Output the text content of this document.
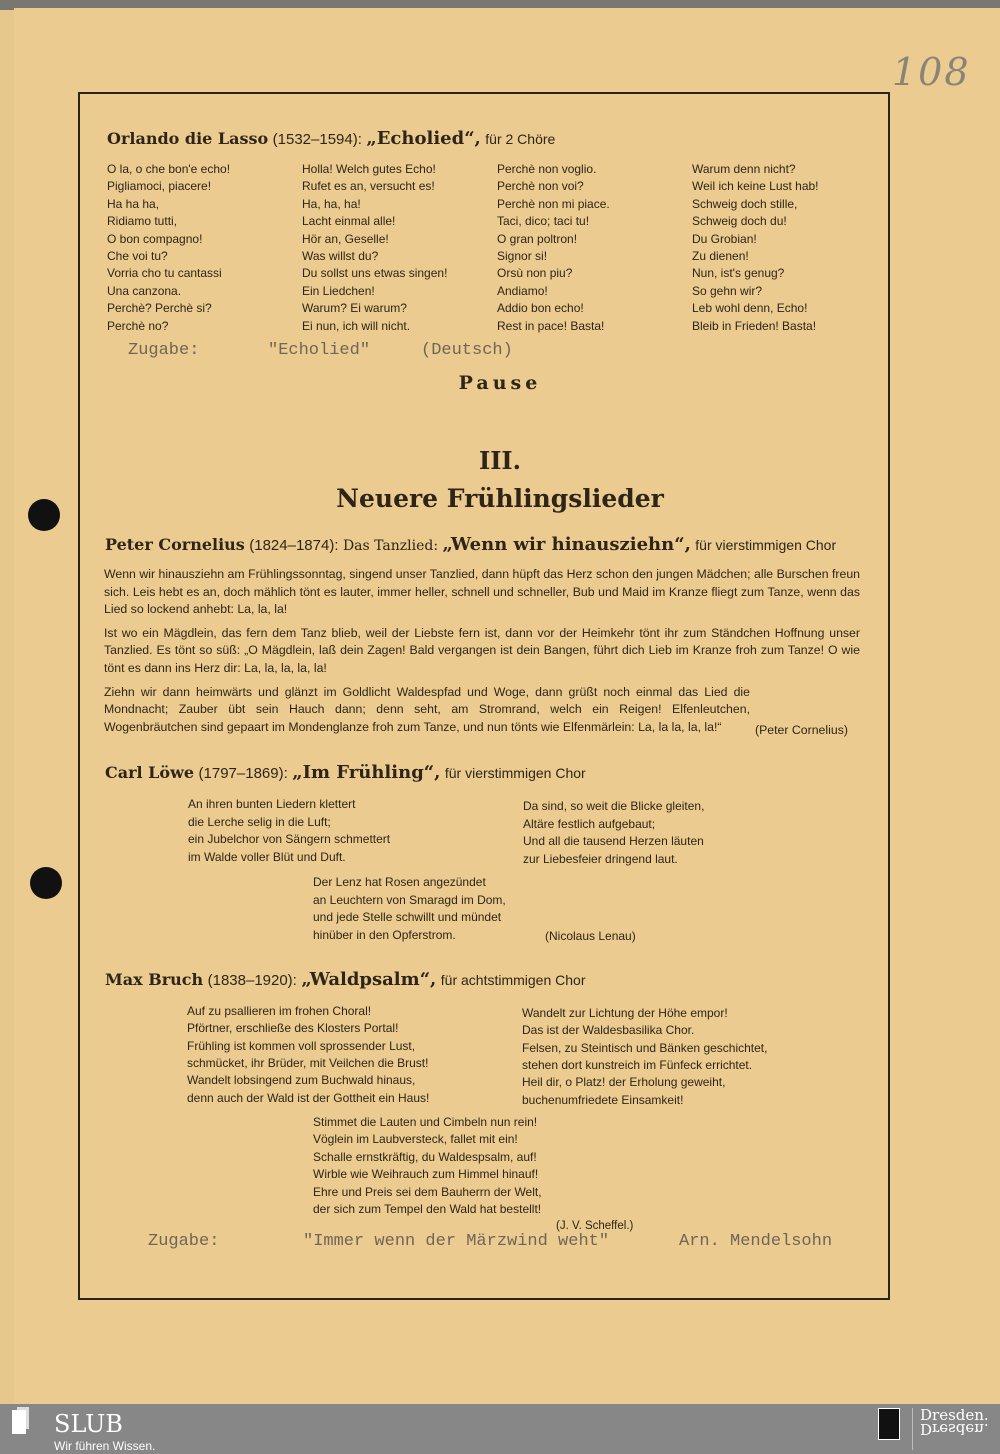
108
Orlando die Lasso (1532–1594): „Echolied“, für 2 Chöre
O la, o che bon'e echo!
Pigliamoci, piacere!
Ha ha ha,
Ridiamo tutti,
O bon compagno!
Che voi tu?
Vorria cho tu cantassi
Una canzona.
Perchè? Perchè si?
Perchè no?
Holla! Welch gutes Echo!
Rufet es an, versucht es!
Ha, ha, ha!
Lacht einmal alle!
Hör an, Geselle!
Was willst du?
Du sollst uns etwas singen!
Ein Liedchen!
Warum? Ei warum?
Ei nun, ich will nicht.
Perchè non voglio.
Perchè non voi?
Perchè non mi piace.
Taci, dico; taci tu!
O gran poltron!
Signor si!
Orsù non piu?
Andiamo!
Addio bon echo!
Rest in pace! Basta!
Warum denn nicht?
Weil ich keine Lust hab!
Schweig doch stille,
Schweig doch du!
Du Grobian!
Zu dienen!
Nun, ist's genug?
So gehn wir?
Leb wohl denn, Echo!
Bleib in Frieden! Basta!
Zugabe:	"Echolied"	(Deutsch)
Pause
III.
Neuere Frühlingslieder
Peter Cornelius (1824–1874): Das Tanzlied: „Wenn wir hinausziehn“, für vierstimmigen Chor

Wenn wir hinausziehn am Frühlingssonntag, singend unser Tanzlied, dann hüpft das Herz schon den jungen Mädchen; alle Burschen freun sich. Leis hebt es an, doch mählich tönt es lauter, immer heller, schnell und schneller, Bub und Maid im Kranze fliegt zum Tanze, wenn das Lied so lockend anhebt: La, la, la!

Ist wo ein Mägdlein, das fern dem Tanz blieb, weil der Liebste fern ist, dann vor der Heimkehr tönt ihr zum Ständchen Hoffnung unser Tanzlied. Es tönt so süß: „O Mägdlein, laß dein Zagen! Bald vergangen ist dein Bangen, führt dich Lieb im Kranze froh zum Tanze! O wie tönt es dann ins Herz dir: La, la, la, la, la!

Ziehn wir dann heimwärts und glänzt im Goldlicht Waldespfad und Woge, dann grüßt noch einmal das Lied die Mondnacht; Zauber übt sein Hauch dann; denn seht, am Stromrand, welch ein Reigen! Elfenleutchen, Wogenbräutchen sind gepaart im Mondenglanze froh zum Tanze, und nun tönts wie Elfenmärlein: La, la la, la, la!“	(Peter Cornelius)
Carl Löwe (1797–1869): „Im Frühling“, für vierstimmigen Chor
An ihren bunten Liedern klettert
die Lerche selig in die Luft;
ein Jubelchor von Sängern schmettert
im Walde voller Blüt und Duft.
Da sind, so weit die Blicke gleiten,
Altäre festlich aufgebaut;
Und all die tausend Herzen läuten
zur Liebesfeier dringend laut.
Der Lenz hat Rosen angezündet
an Leuchtern von Smaragd im Dom,
und jede Stelle schwillt und mündet
hinüber in den Opferstrom.	(Nicolaus Lenau)
Max Bruch (1838–1920): „Waldpsalm“, für achtstimmigen Chor
Auf zu psallieren im frohen Choral!
Pförtner, erschließe des Klosters Portal!
Frühling ist kommen voll sprossender Lust,
schmücket, ihr Brüder, mit Veilchen die Brust!
Wandelt lobsingend zum Buchwald hinaus,
denn auch der Wald ist der Gottheit ein Haus!
Wandelt zur Lichtung der Höhe empor!
Das ist der Waldesbasilika Chor.
Felsen, zu Steintisch und Bänken geschichtet,
stehen dort kunstreich im Fünfeck errichtet.
Heil dir, o Platz! der Erholung geweiht,
buchenumfriedete Einsamkeit!
Stimmet die Lauten und Cimbeln nun rein!
Vöglein im Laubversteck, fallet mit ein!
Schalle ernstkräftig, du Waldespsalm, auf!
Wirble wie Weihrauch zum Himmel hinauf!
Ehre und Preis sei dem Bauherrn der Welt,
der sich zum Tempel den Wald hat bestellt!
(J. V. Scheffel.)
Zugabe:	"Immer wenn der Märzwind weht"	Arn. Mendelsohn
SLUB
Wir führen Wissen.
Dresden.
Dresden.
